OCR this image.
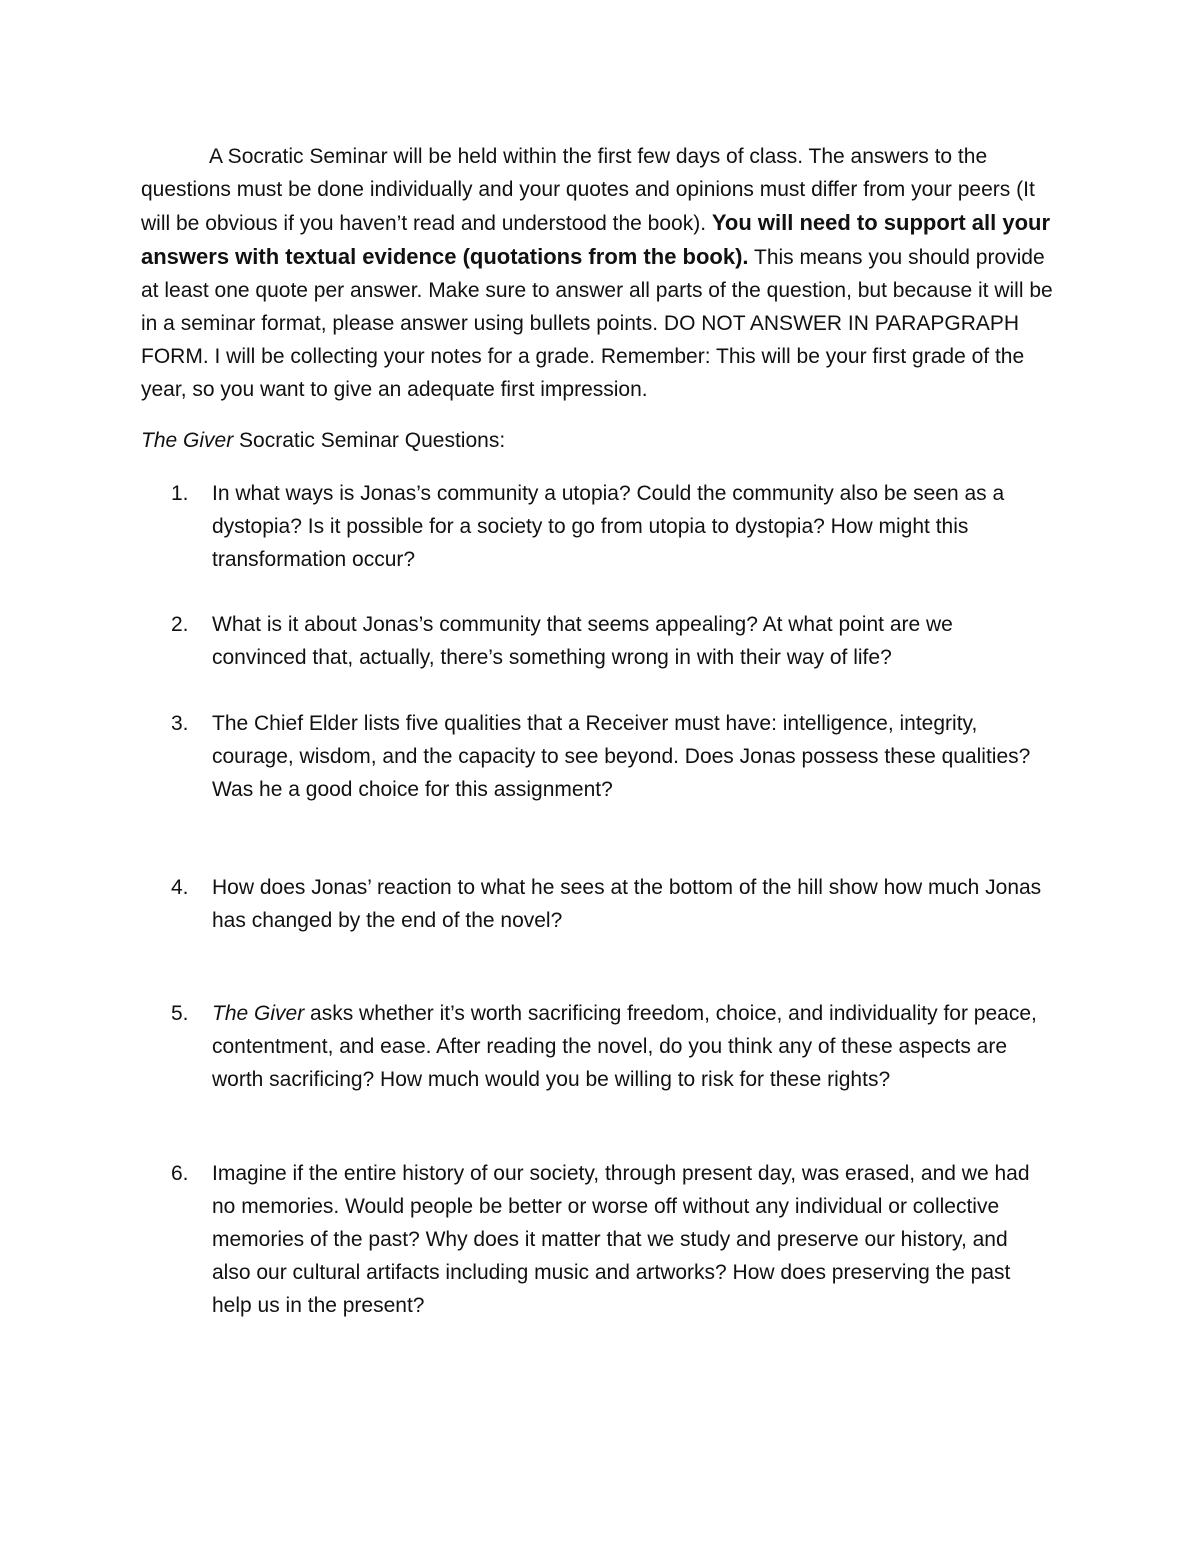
A Socratic Seminar will be held within the first few days of class. The answers to the questions must be done individually and your quotes and opinions must differ from your peers (It will be obvious if you haven’t read and understood the book). You will need to support all your answers with textual evidence (quotations from the book). This means you should provide at least one quote per answer. Make sure to answer all parts of the question, but because it will be in a seminar format, please answer using bullets points. DO NOT ANSWER IN PARAPGRAPH FORM. I will be collecting your notes for a grade. Remember: This will be your first grade of the year, so you want to give an adequate first impression.

The Giver Socratic Seminar Questions:

1.	In what ways is Jonas’s community a utopia? Could the community also be seen as a dystopia? Is it possible for a society to go from utopia to dystopia? How might this transformation occur?
2.	What is it about Jonas’s community that seems appealing? At what point are we convinced that, actually, there’s something wrong in with their way of life?
3.	The Chief Elder lists five qualities that a Receiver must have: intelligence, integrity, courage, wisdom, and the capacity to see beyond. Does Jonas possess these qualities? Was he a good choice for this assignment?
4.	How does Jonas’ reaction to what he sees at the bottom of the hill show how much Jonas has changed by the end of the novel?
5.	The Giver asks whether it’s worth sacrificing freedom, choice, and individuality for peace, contentment, and ease. After reading the novel, do you think any of these aspects are worth sacrificing? How much would you be willing to risk for these rights?
6.	Imagine if the entire history of our society, through present day, was erased, and we had no memories. Would people be better or worse off without any individual or collective memories of the past? Why does it matter that we study and preserve our history, and also our cultural artifacts including music and artworks? How does preserving the past help us in the present?
